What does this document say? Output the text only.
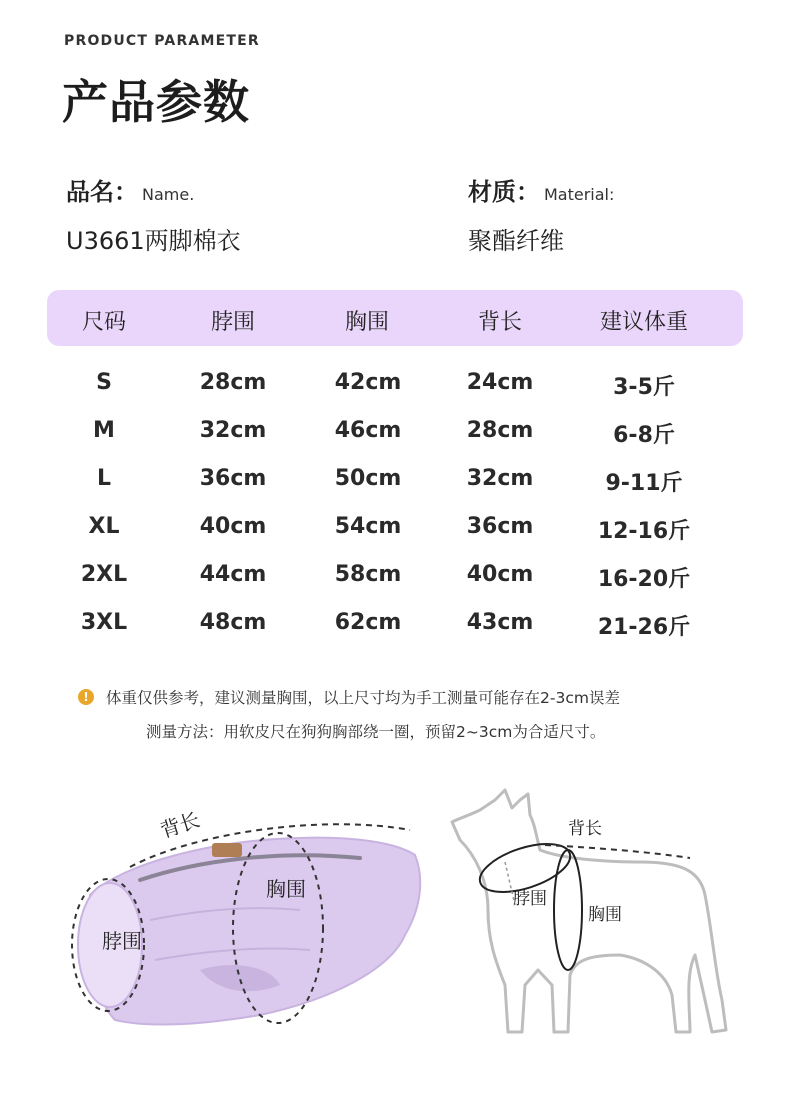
PRODUCT PARAMETER
产品参数
品名： Name.
U3661两脚棉衣
材质： Material:
聚酯纤维
尺码	脖围	胸围	背长	建议体重
S	28cm	42cm	24cm	3-5斤
M	32cm	46cm	28cm	6-8斤
L	36cm	50cm	32cm	9-11斤
XL	40cm	54cm	36cm	12-16斤
2XL	44cm	58cm	40cm	16-20斤
3XL	48cm	62cm	43cm	21-26斤
!	体重仅供参考，建议测量胸围，以上尺寸均为手工测量可能存在2-3cm误差
测量方法：用软皮尺在狗狗胸部绕一圈，预留2~3cm为合适尺寸。
背长
胸围
脖围
背长
脖围
胸围
